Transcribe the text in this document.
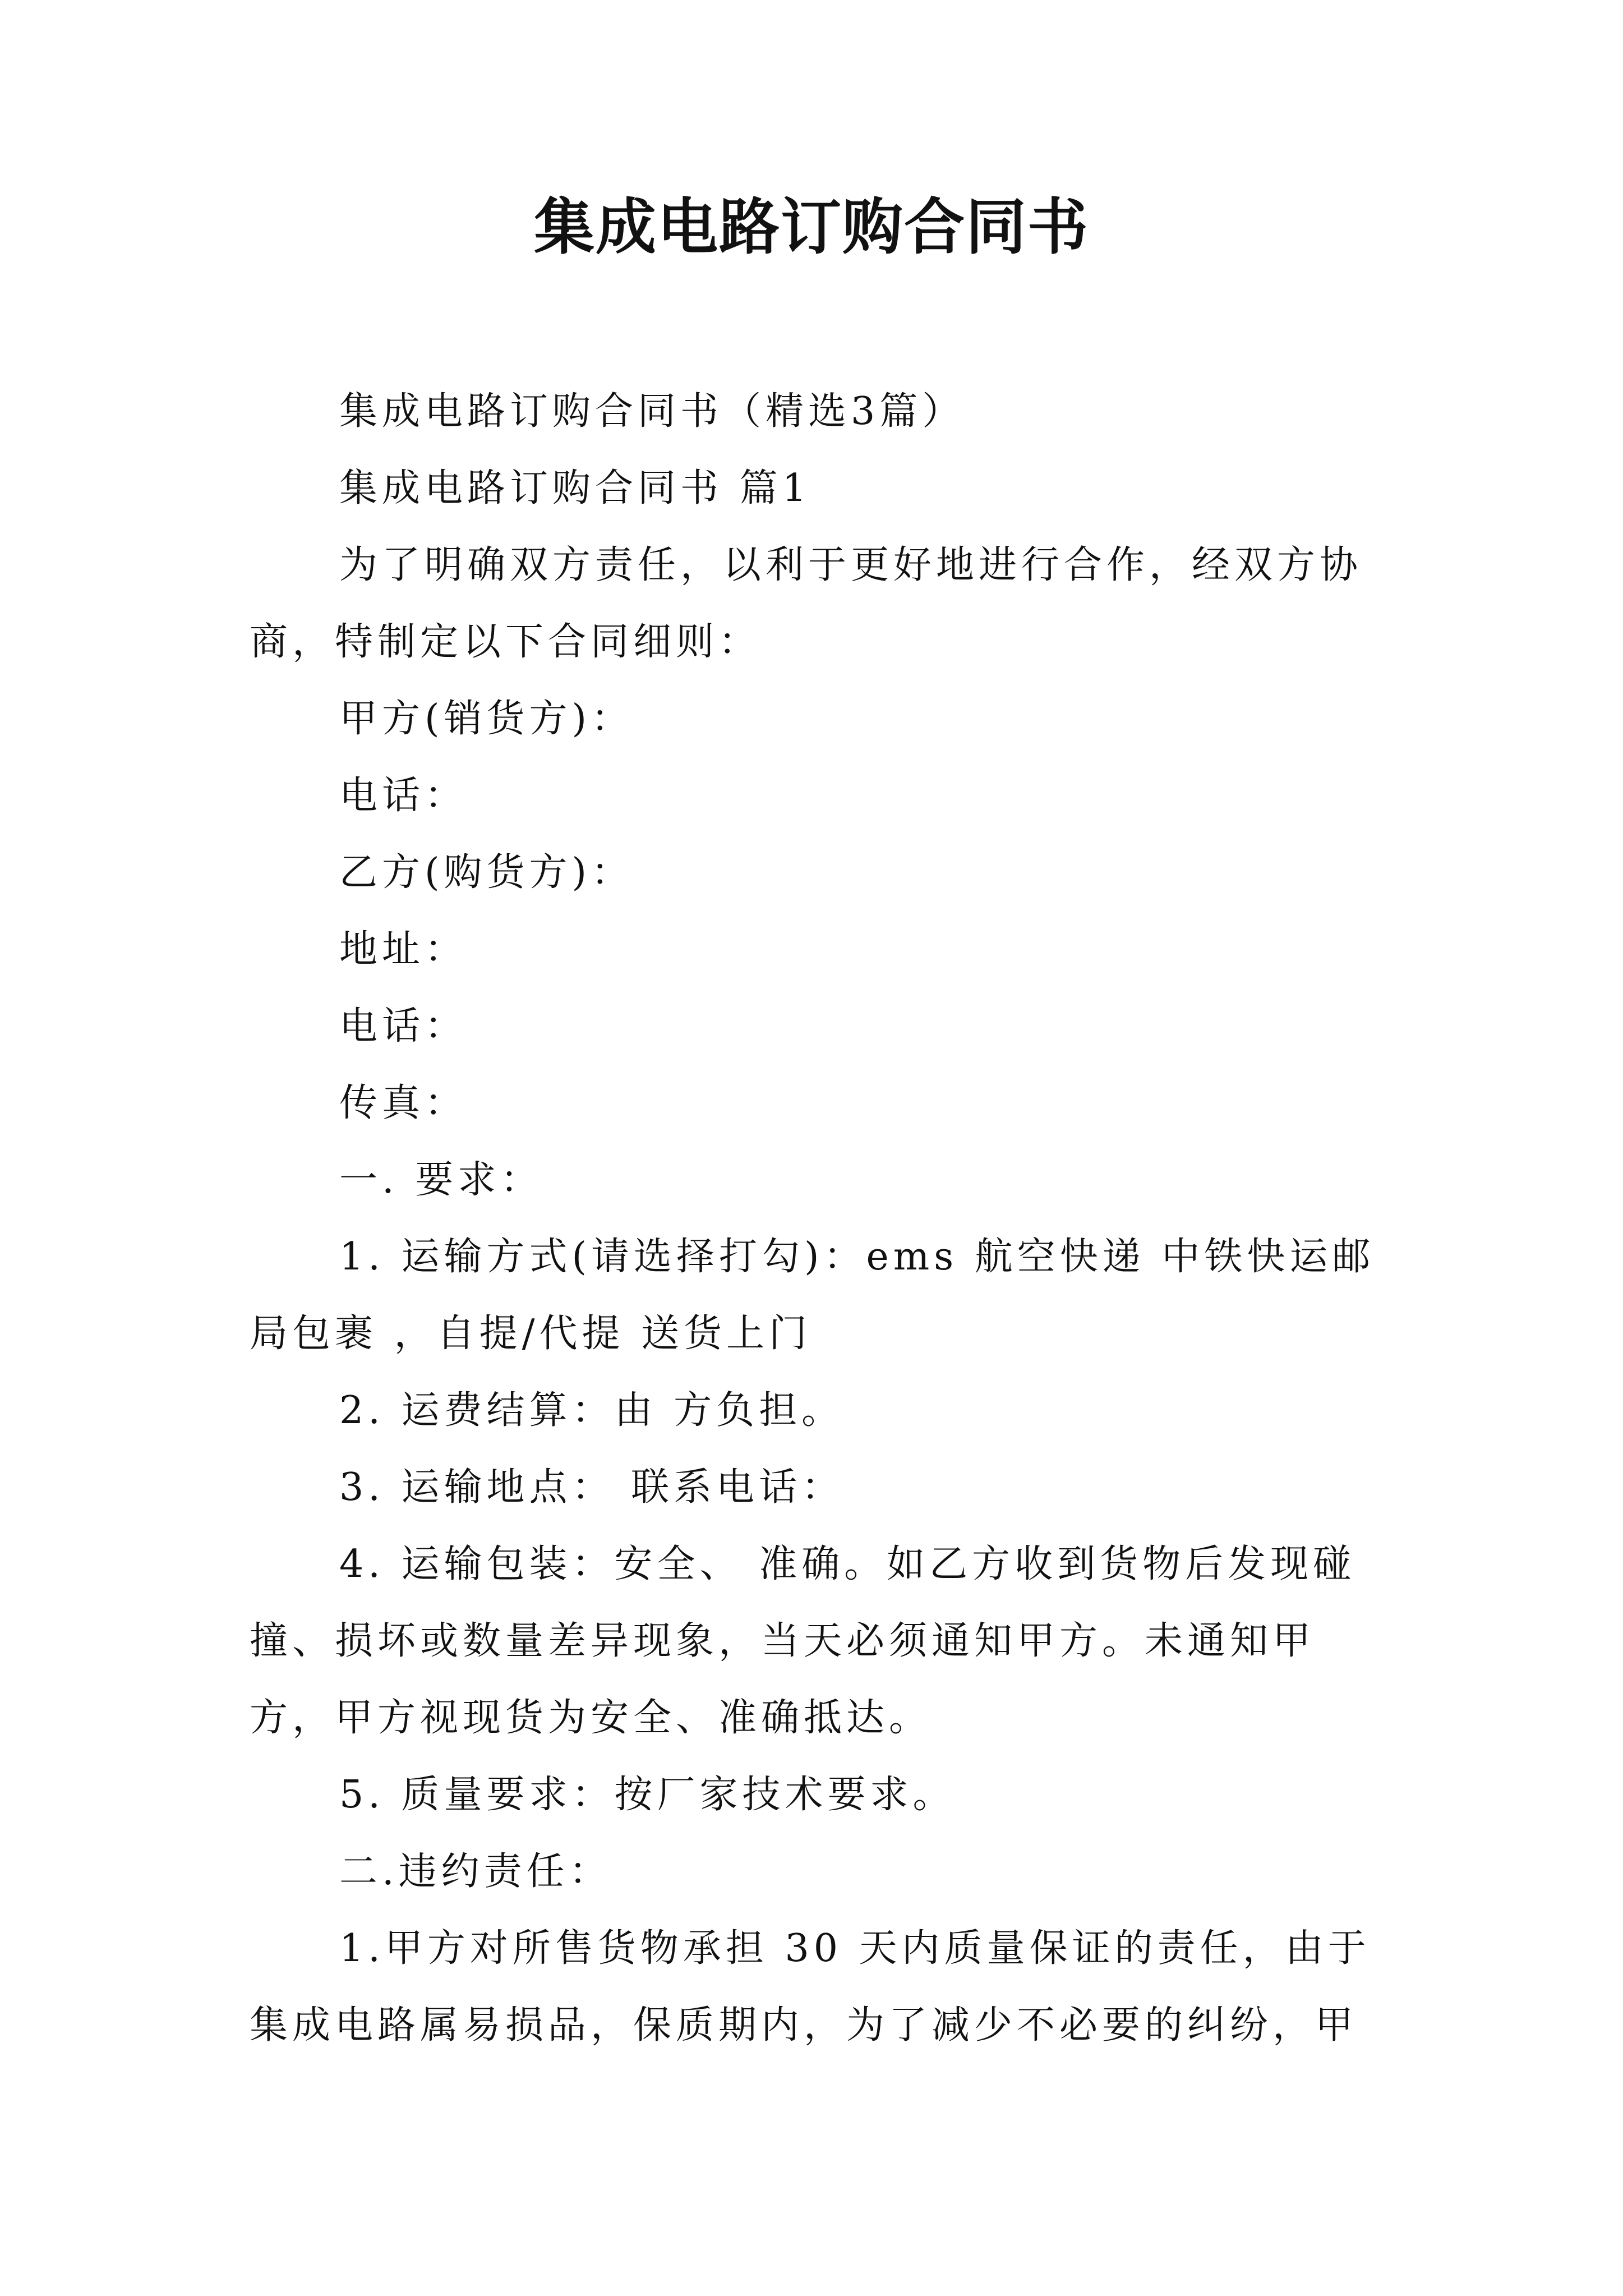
集成电路订购合同书

集成电路订购合同书（精选3篇）

集成电路订购合同书 篇1

为了明确双方责任，以利于更好地进行合作，经双方协商，特制定以下合同细则：

甲方(销货方)：

电话：

乙方(购货方)：

地址：

电话：

传真：

一. 要求：

1. 运输方式(请选择打勾)：ems 航空快递 中铁快运邮局包裹 ，自提/代提 送货上门

2. 运费结算：由 方负担。

3. 运输地点： 联系电话：

4. 运输包装：安全、 准确。如乙方收到货物后发现碰撞、损坏或数量差异现象，当天必须通知甲方。未通知甲方，甲方视现货为安全、准确抵达。

5. 质量要求：按厂家技术要求。

二.违约责任：

1.甲方对所售货物承担 30 天内质量保证的责任，由于集成电路属易损品，保质期内，为了减少不必要的纠纷，甲
